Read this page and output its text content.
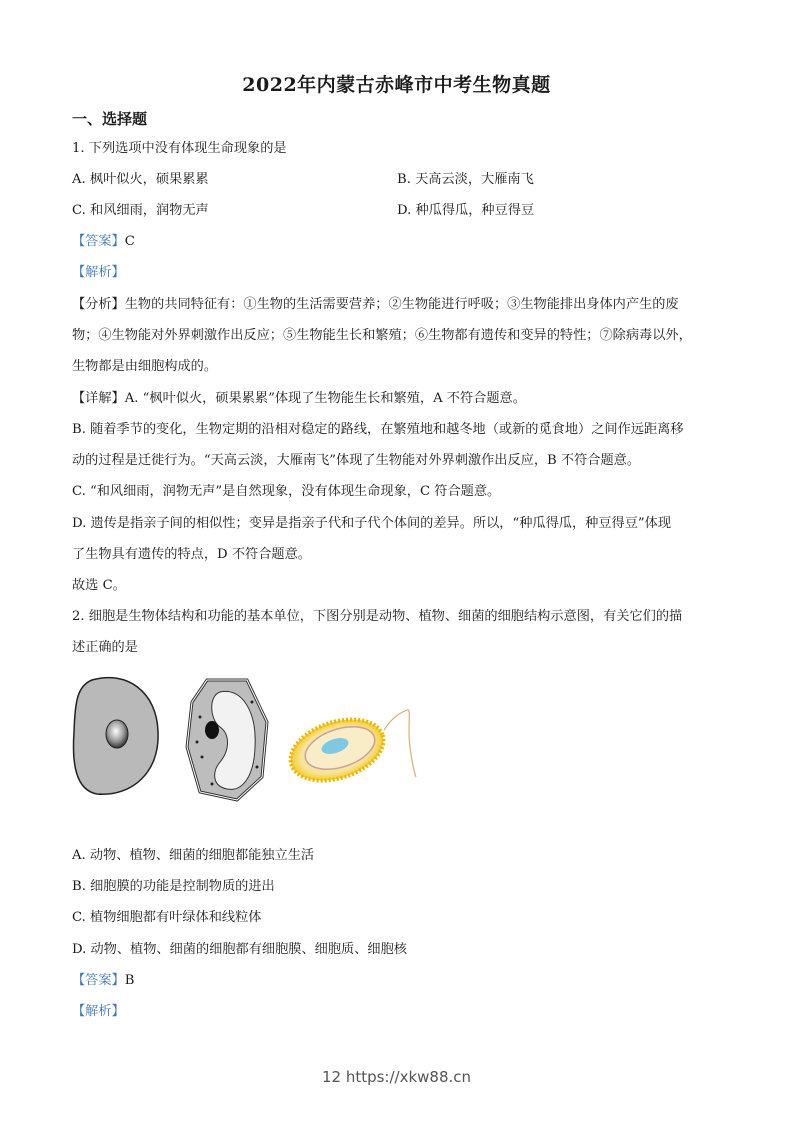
2022年内蒙古赤峰市中考生物真题
一、选择题
1. 下列选项中没有体现生命现象的是
A. 枫叶似火，硕果累累	B. 天高云淡，大雁南飞
C. 和风细雨，润物无声	D. 种瓜得瓜，种豆得豆
【答案】C
【解析】
【分析】生物的共同特征有：①生物的生活需要营养；②生物能进行呼吸；③生物能排出身体内产生的废
物；④生物能对外界刺激作出反应；⑤生物能生长和繁殖；⑥生物都有遗传和变异的特性；⑦除病毒以外，
生物都是由细胞构成的。
【详解】A. “枫叶似火，硕果累累”体现了生物能生长和繁殖，A 不符合题意。
B. 随着季节的变化，生物定期的沿相对稳定的路线，在繁殖地和越冬地（或新的觅食地）之间作远距离移
动的过程是迁徙行为。“天高云淡，大雁南飞”体现了生物能对外界刺激作出反应，B 不符合题意。
C. “和风细雨，润物无声”是自然现象，没有体现生命现象，C 符合题意。
D. 遗传是指亲子间的相似性；变异是指亲子代和子代个体间的差异。所以，“种瓜得瓜，种豆得豆”体现
了生物具有遗传的特点，D 不符合题意。
故选 C。
2. 细胞是生物体结构和功能的基本单位，下图分别是动物、植物、细菌的细胞结构示意图，有关它们的描
述正确的是
A. 动物、植物、细菌的细胞都能独立生活
B. 细胞膜的功能是控制物质的进出
C. 植物细胞都有叶绿体和线粒体
D. 动物、植物、细菌的细胞都有细胞膜、细胞质、细胞核
【答案】B
【解析】
12 https://xkw88.cn
